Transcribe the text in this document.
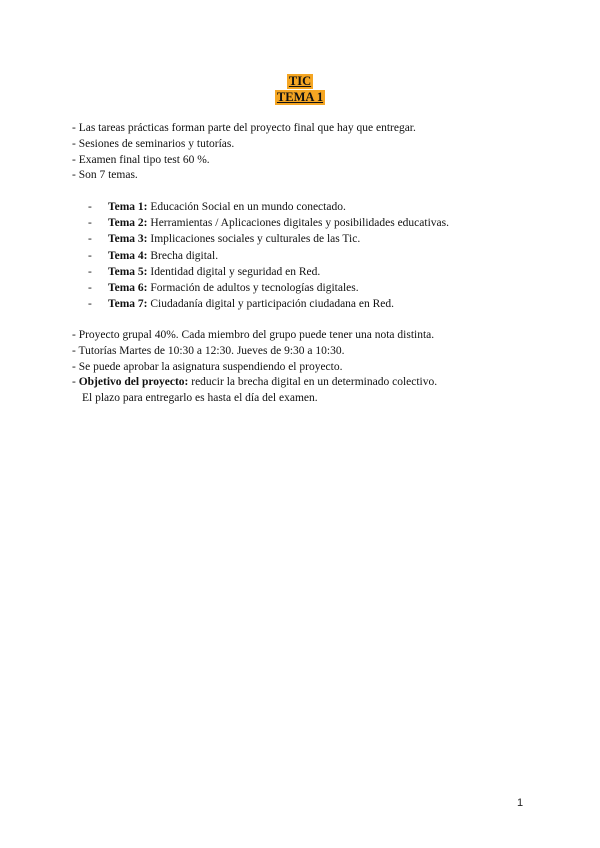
TIC
TEMA 1
- Las tareas prácticas forman parte del proyecto final que hay que entregar.
- Sesiones de seminarios y tutorías.
- Examen final tipo test 60 %.
- Son 7 temas.
-	Tema 1: Educación Social en un mundo conectado.
-	Tema 2: Herramientas / Aplicaciones digitales y posibilidades educativas.
-	Tema 3: Implicaciones sociales y culturales de las Tic.
-	Tema 4: Brecha digital.
-	Tema 5: Identidad digital y seguridad en Red.
-	Tema 6: Formación de adultos y tecnologías digitales.
-	Tema 7: Ciudadanía digital y participación ciudadana en Red.
- Proyecto grupal 40%. Cada miembro del grupo puede tener una nota distinta.
- Tutorías Martes de 10:30 a 12:30. Jueves de 9:30 a 10:30.
- Se puede aprobar la asignatura suspendiendo el proyecto.
- Objetivo del proyecto: reducir la brecha digital en un determinado colectivo.
El plazo para entregarlo es hasta el día del examen.
1
